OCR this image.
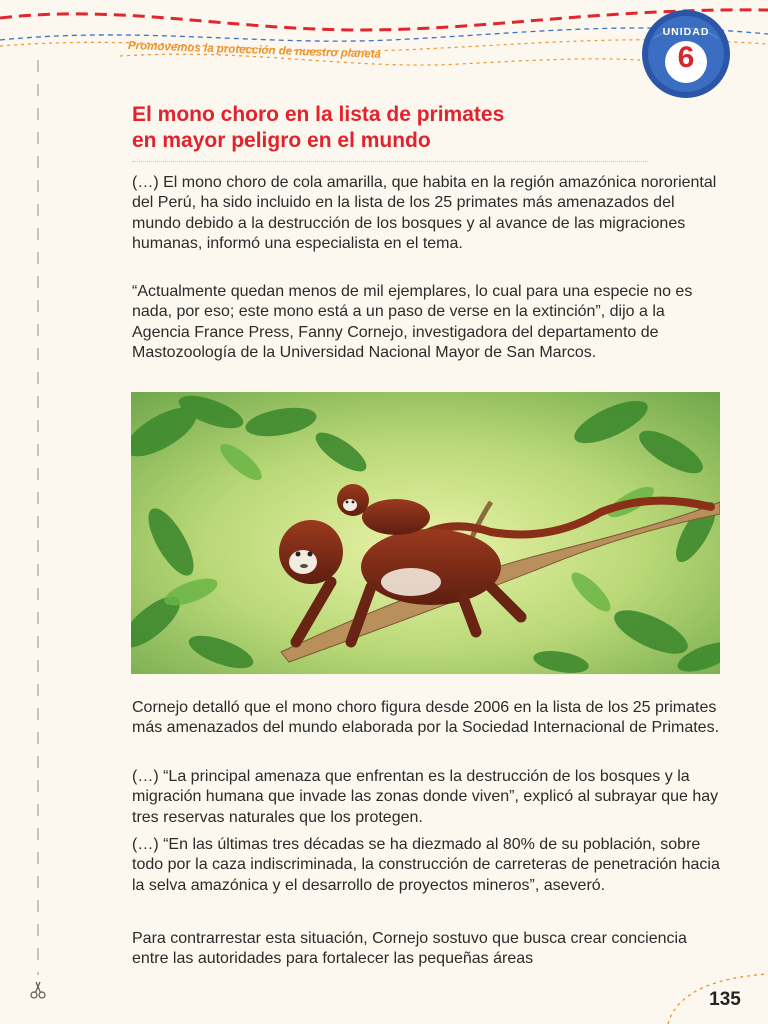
Promovemos la protección de nuestro planeta
UNIDAD
6
El mono choro en la lista de primates
en mayor peligro en el mundo

(…) El mono choro de cola amarilla, que habita en la región amazónica nororiental del Perú, ha sido incluido en la lista de los 25 primates más amenazados del mundo debido a la destrucción de los bosques y al avance de las migraciones humanas, informó una especialista en el tema.

“Actualmente quedan menos de mil ejemplares, lo cual para una especie no es nada, por eso; este mono está a un paso de verse en la extinción”, dijo a la Agencia France Press, Fanny Cornejo, investigadora del departamento de Mastozoología de la Universidad Nacional Mayor de San Marcos.

Cornejo detalló que el mono choro figura desde 2006 en la lista de los 25 primates más amenazados del mundo elaborada por la Sociedad Internacional de Primates.

(…) “La principal amenaza que enfrentan es la destrucción de los bosques y la migración humana que invade las zonas donde viven”, explicó al subrayar que hay tres reservas naturales que los protegen.

(…) “En las últimas tres décadas se ha diezmado al 80% de su población, sobre todo por la caza indiscriminada, la construcción de carreteras de penetración hacia la selva amazónica y el desarrollo de proyectos mineros”, aseveró.

Para contrarrestar esta situación, Cornejo sostuvo que busca crear conciencia entre las autoridades para fortalecer las pequeñas áreas

135
